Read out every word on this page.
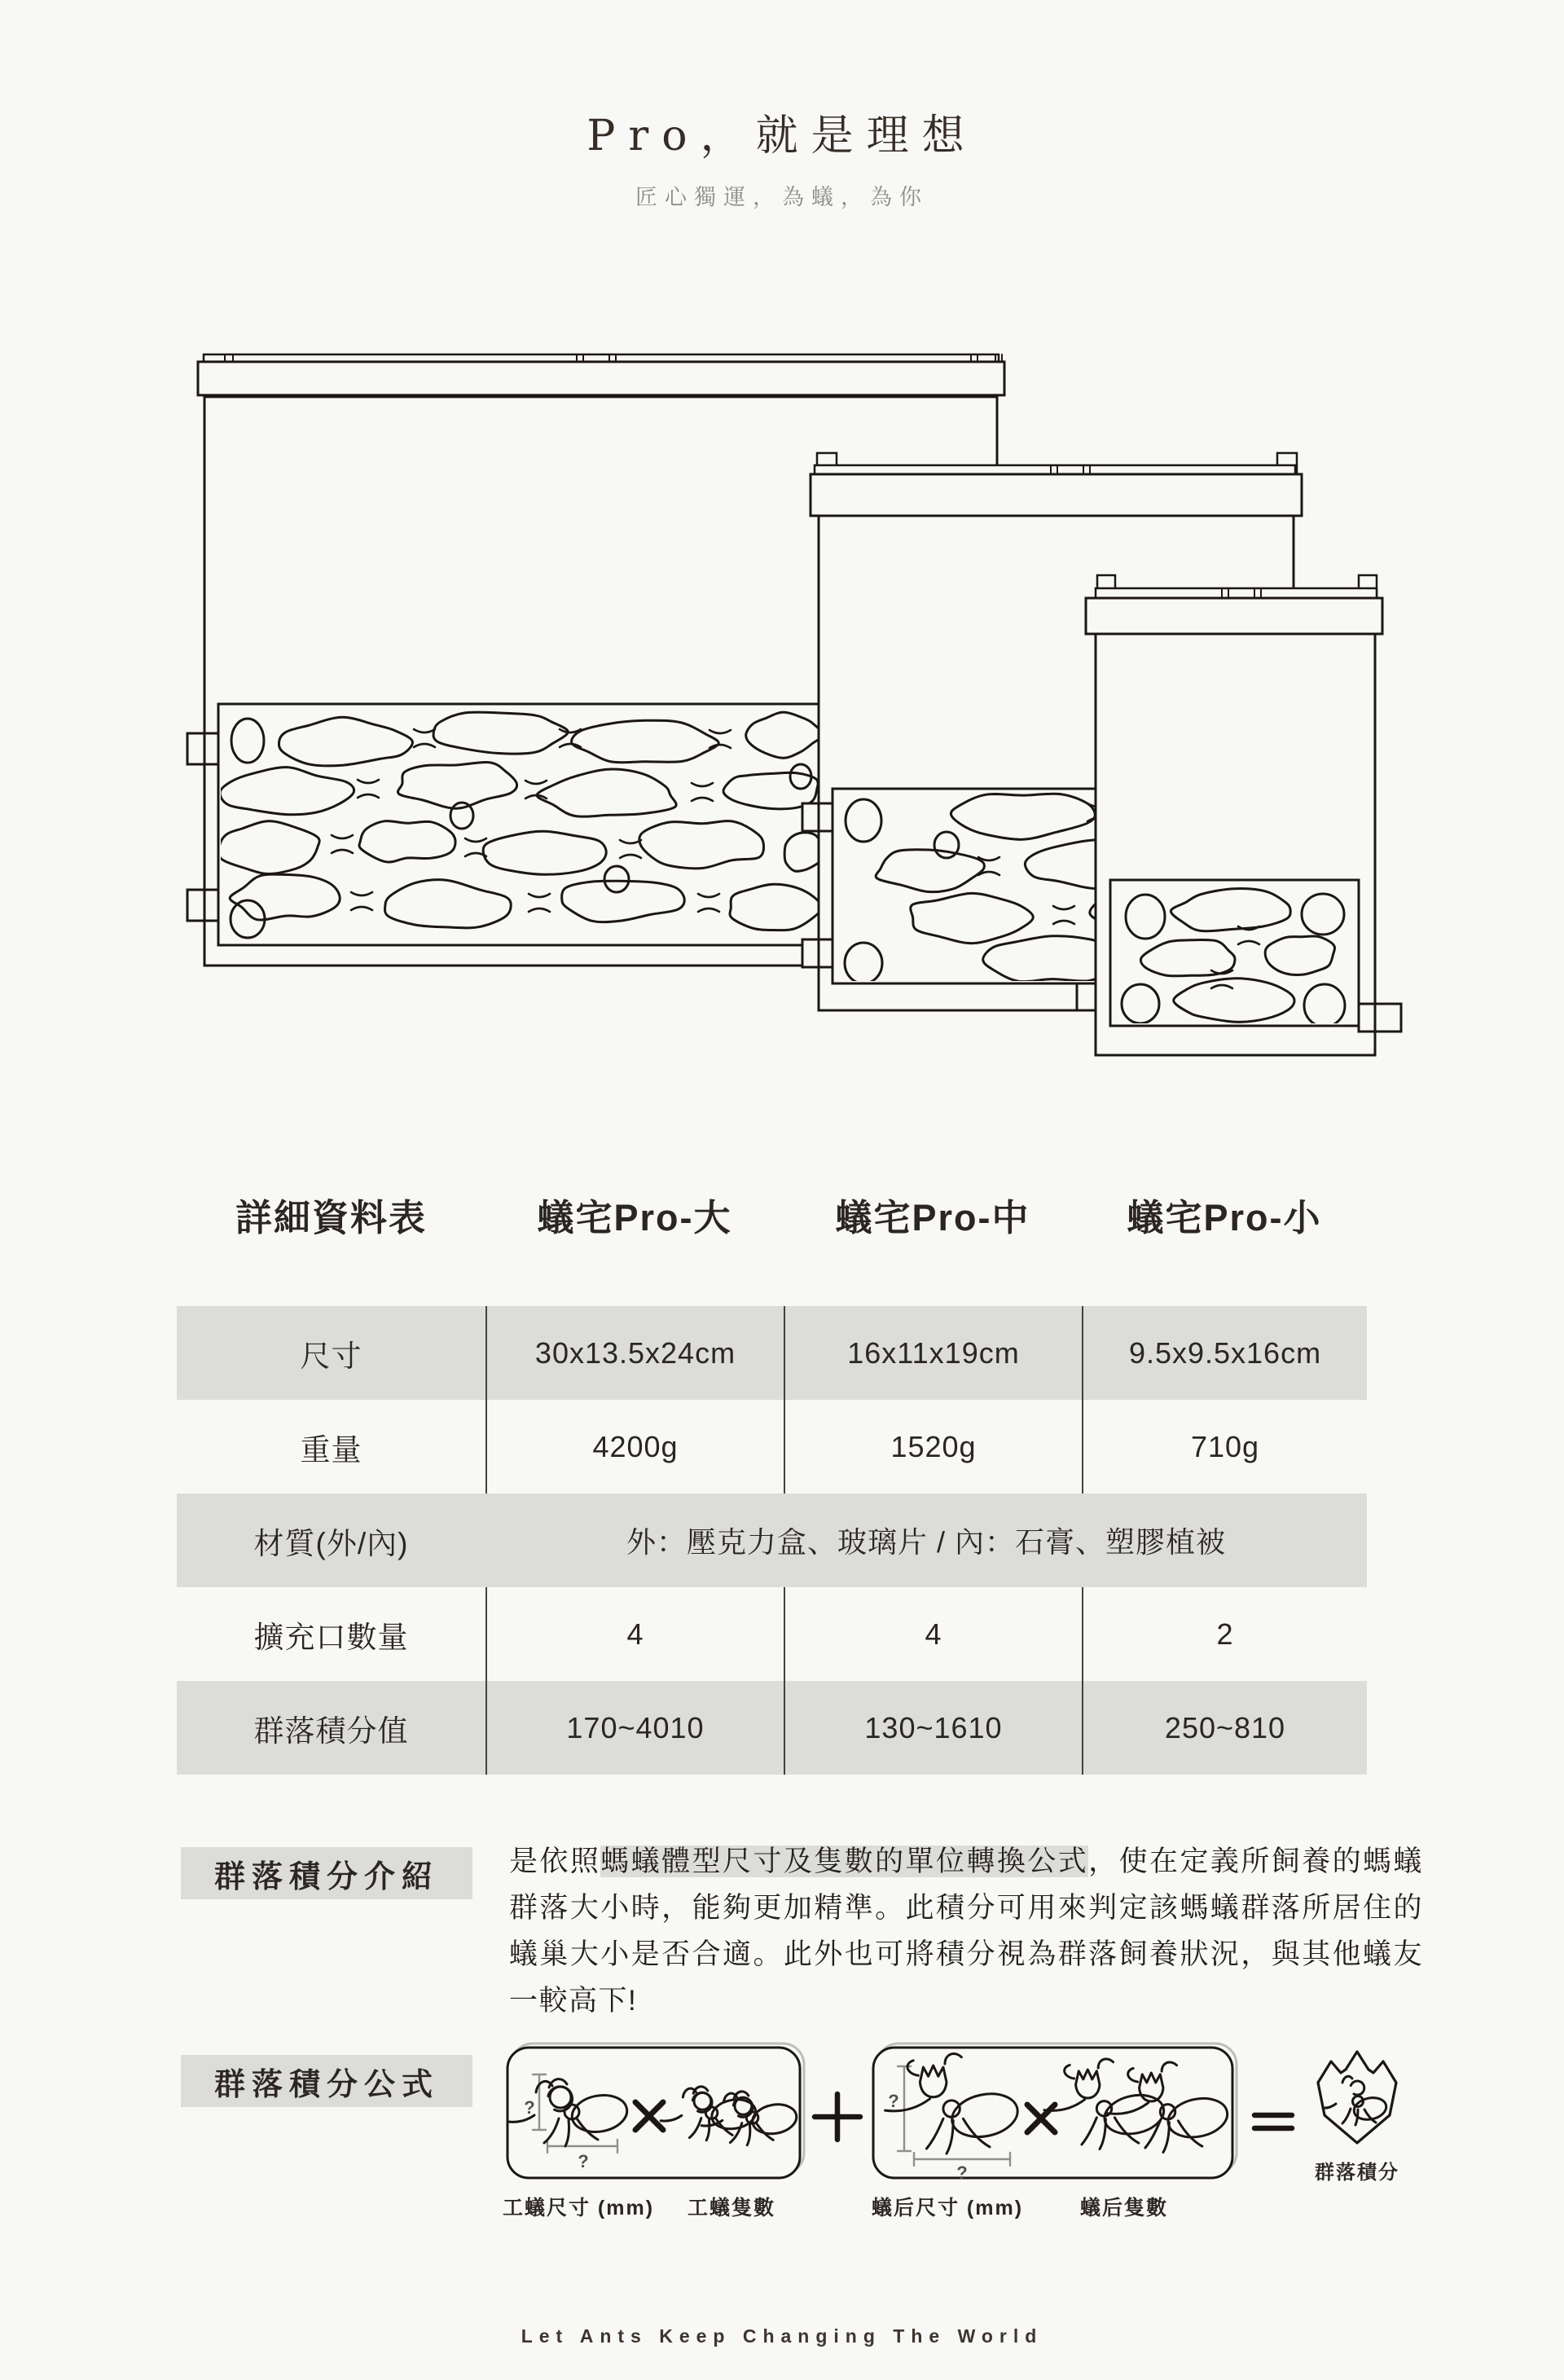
Pro，就是理想
匠心獨運，為蟻，為你
詳細資料表	蟻宅Pro-大	蟻宅Pro-中	蟻宅Pro-小
尺寸	30x13.5x24cm	16x11x19cm	9.5x9.5x16cm
重量	4200g	1520g	710g
材質(外/內)	外：壓克力盒、玻璃片 / 內：石膏、塑膠植被
擴充口數量	4	4	2
群落積分值	170~4010	130~1610	250~810
群落積分介紹	是依照螞蟻體型尺寸及隻數的單位轉換公式，使在定義所飼養的螞蟻群落大小時，能夠更加精準。此積分可用來判定該螞蟻群落所居住的蟻巢大小是否合適。此外也可將積分視為群落飼養狀況，與其他蟻友一較高下!

群落積分公式
?
?
?
?
工蟻尺寸 (mm) 工蟻隻數	蟻后尺寸 (mm)	蟻后隻數
群落積分
Let Ants Keep Changing The World
